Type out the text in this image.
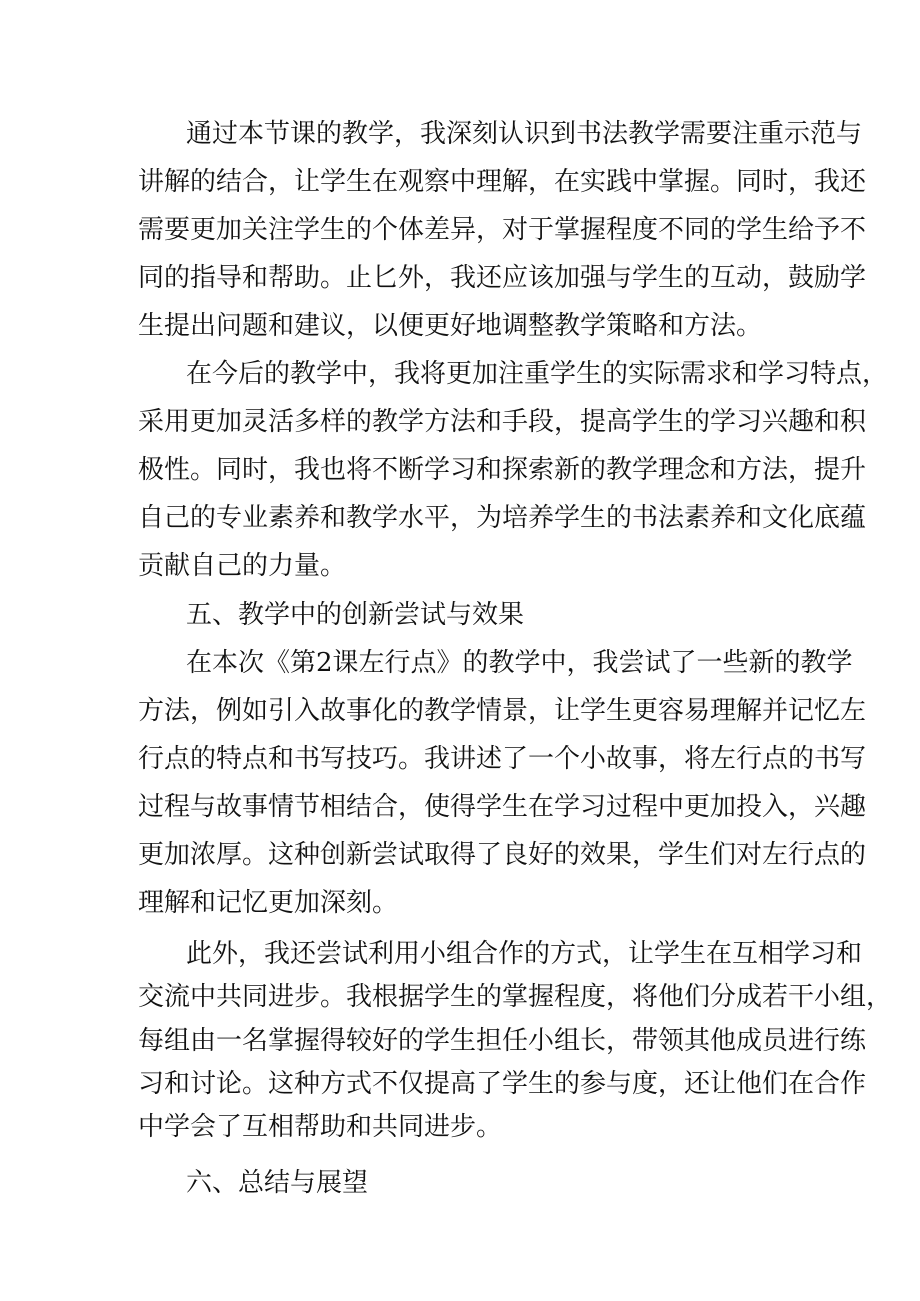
通过本节课的教学，我深刻认识到书法教学需要注重示范与
讲解的结合，让学生在观察中理解，在实践中掌握。同时，我还
需要更加关注学生的个体差异，对于掌握程度不同的学生给予不
同的指导和帮助。止匕外，我还应该加强与学生的互动，鼓励学
生提出问题和建议，以便更好地调整教学策略和方法。
在今后的教学中，我将更加注重学生的实际需求和学习特点，
采用更加灵活多样的教学方法和手段，提高学生的学习兴趣和积
极性。同时，我也将不断学习和探索新的教学理念和方法，提升
自己的专业素养和教学水平，为培养学生的书法素养和文化底蕴
贡献自己的力量。
五、教学中的创新尝试与效果
在本次《第2课左行点》的教学中，我尝试了一些新的教学
方法，例如引入故事化的教学情景，让学生更容易理解并记忆左
行点的特点和书写技巧。我讲述了一个小故事，将左行点的书写
过程与故事情节相结合，使得学生在学习过程中更加投入，兴趣
更加浓厚。这种创新尝试取得了良好的效果，学生们对左行点的
理解和记忆更加深刻。
此外，我还尝试利用小组合作的方式，让学生在互相学习和
交流中共同进步。我根据学生的掌握程度，将他们分成若干小组，
每组由一名掌握得较好的学生担任小组长，带领其他成员进行练
习和讨论。这种方式不仅提高了学生的参与度，还让他们在合作
中学会了互相帮助和共同进步。
六、总结与展望
